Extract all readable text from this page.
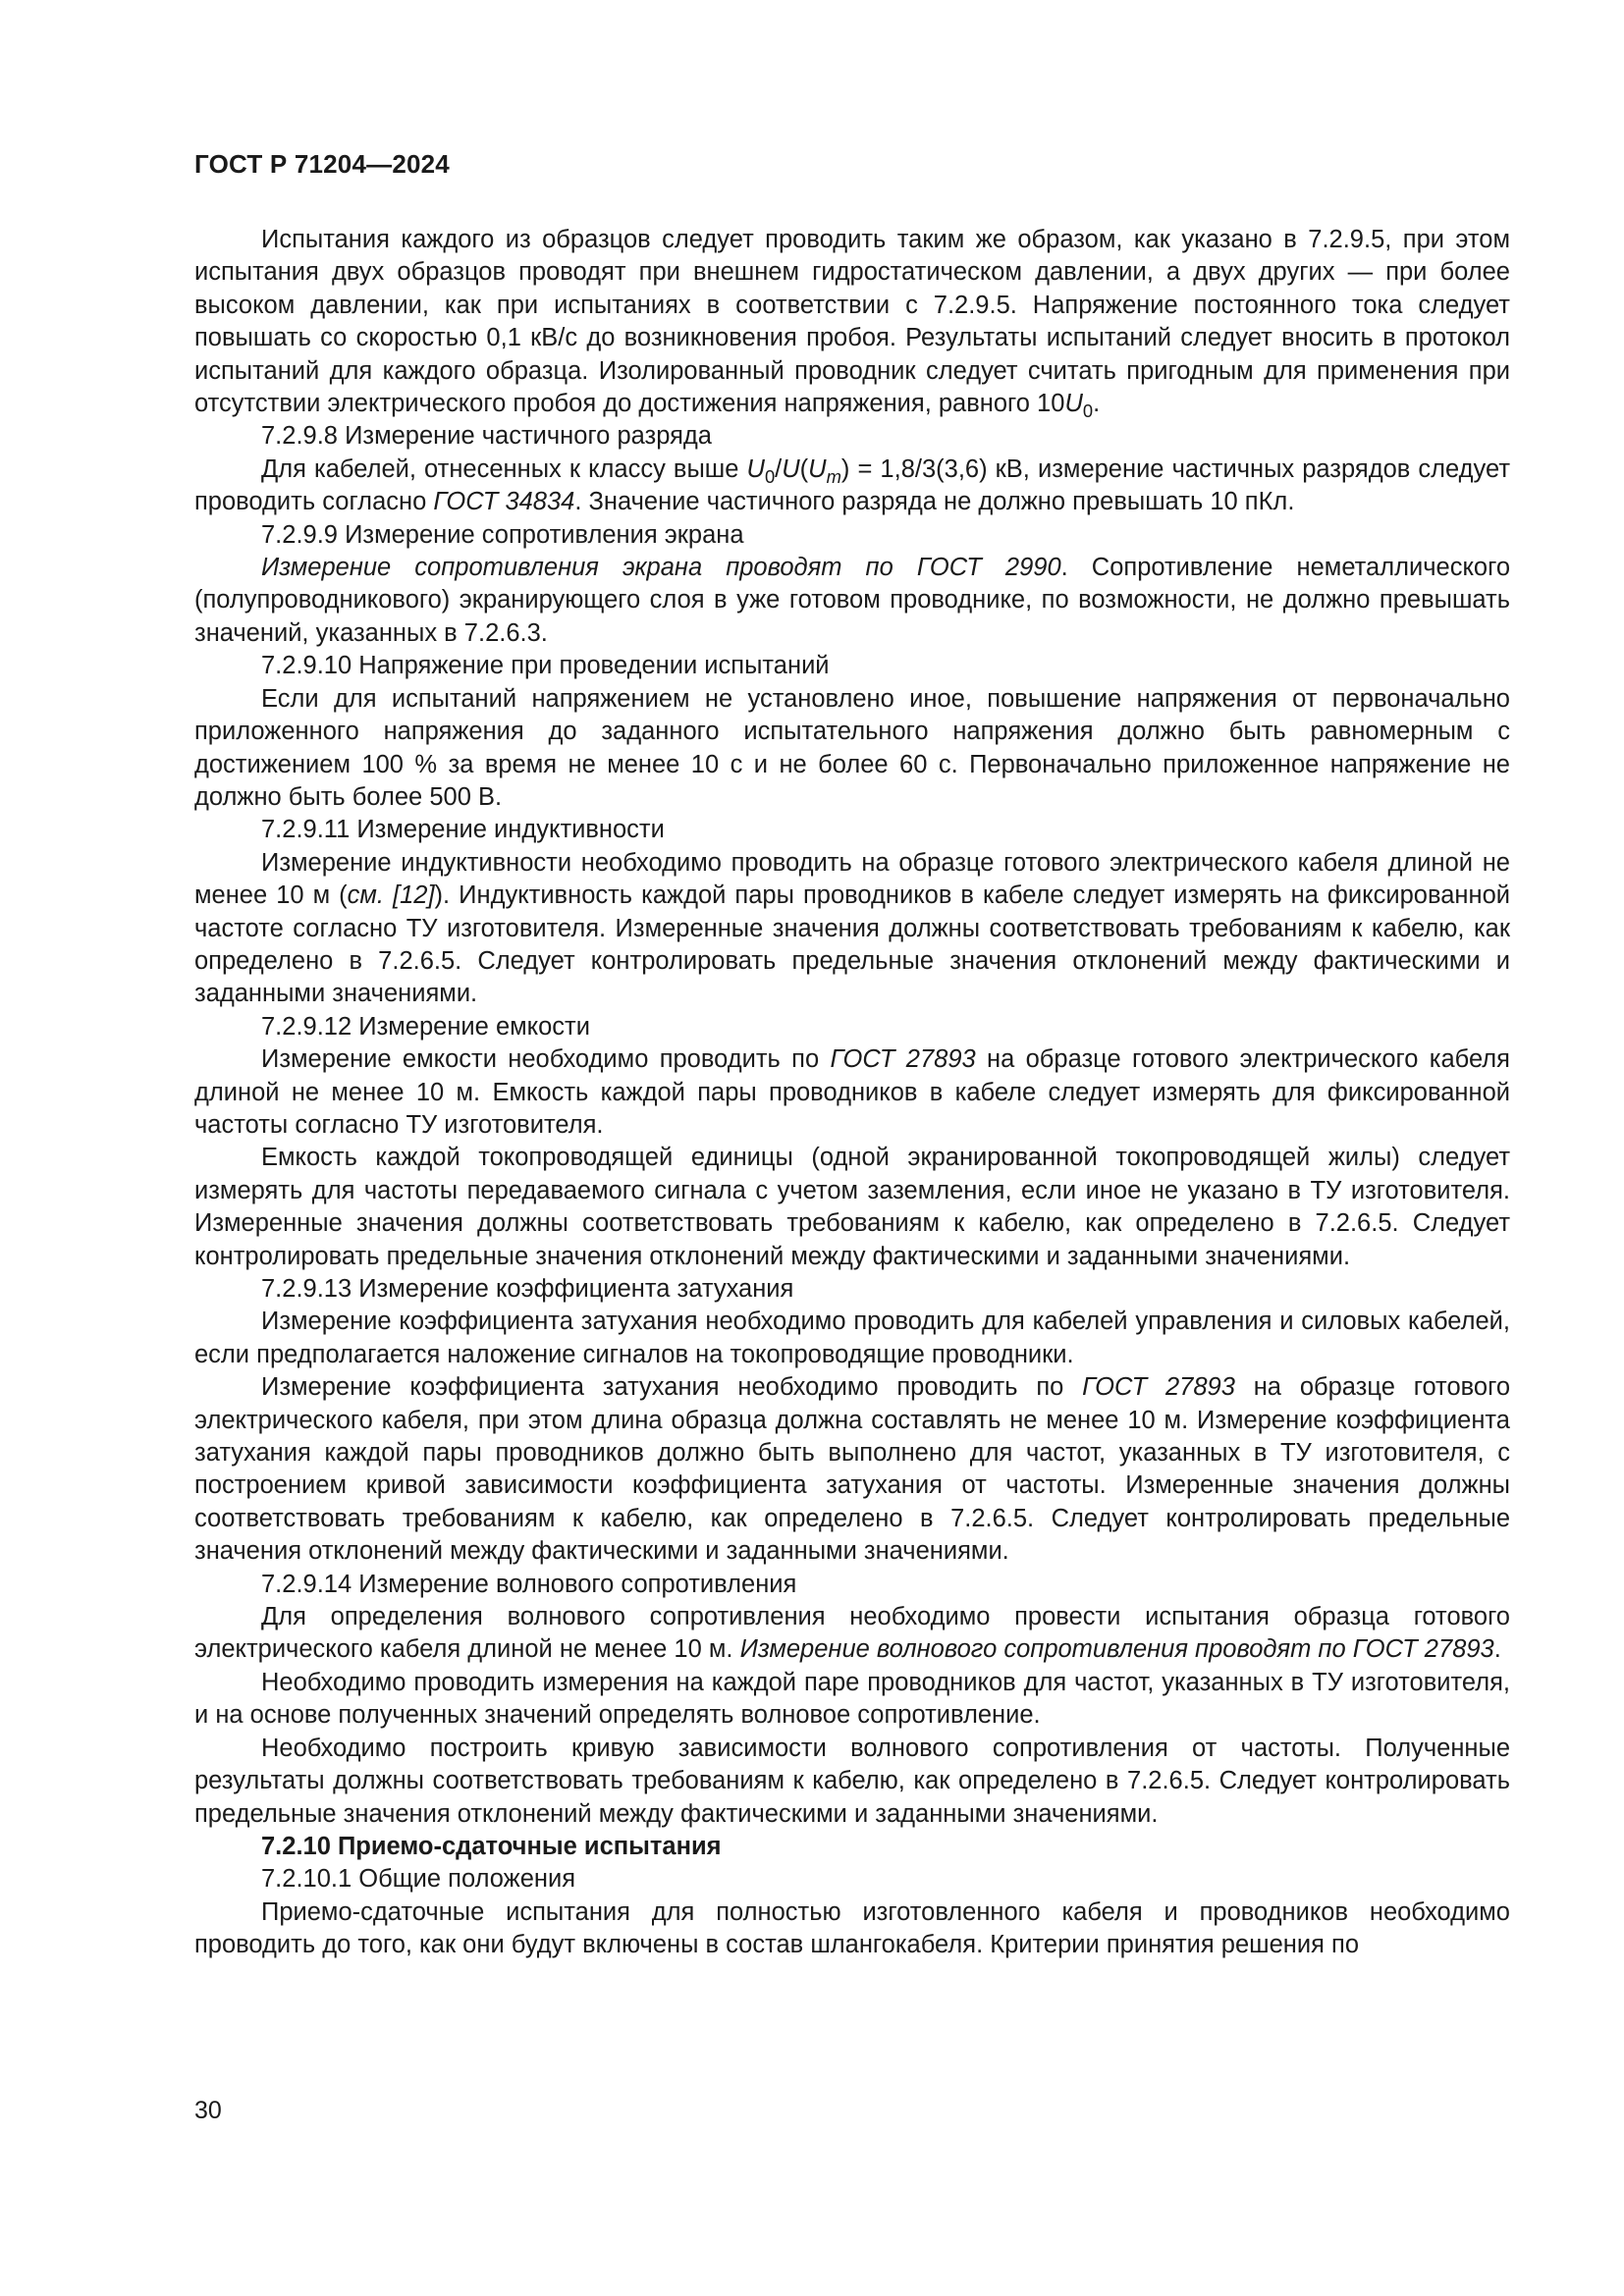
ГОСТ Р 71204—2024

Испытания каждого из образцов следует проводить таким же образом, как указано в 7.2.9.5, при этом испытания двух образцов проводят при внешнем гидростатическом давлении, а двух других — при более высоком давлении, как при испытаниях в соответствии с 7.2.9.5. Напряжение постоянного тока следует повышать со скоростью 0,1 кВ/с до возникновения пробоя. Результаты испытаний следует вносить в протокол испытаний для каждого образца. Изолированный проводник следует считать пригодным для применения при отсутствии электрического пробоя до достижения напряжения, равного $10U_0$.

7.2.9.8 Измерение частичного разряда

Для кабелей, отнесенных к классу выше $U_0/U(U_m) = 1,8/3(3,6)$ кВ, измерение частичных разрядов следует проводить согласно ГОСТ 34834. Значение частичного разряда не должно превышать 10 пКл.

7.2.9.9 Измерение сопротивления экрана

Измерение сопротивления экрана проводят по ГОСТ 2990. Сопротивление неметаллического (полупроводникового) экранирующего слоя в уже готовом проводнике, по возможности, не должно превышать значений, указанных в 7.2.6.3.

7.2.9.10 Напряжение при проведении испытаний

Если для испытаний напряжением не установлено иное, повышение напряжения от первоначально приложенного напряжения до заданного испытательного напряжения должно быть равномерным с достижением 100 % за время не менее 10 с и не более 60 с. Первоначально приложенное напряжение не должно быть более 500 В.

7.2.9.11 Измерение индуктивности

Измерение индуктивности необходимо проводить на образце готового электрического кабеля длиной не менее 10 м (см. [12]). Индуктивность каждой пары проводников в кабеле следует измерять на фиксированной частоте согласно ТУ изготовителя. Измеренные значения должны соответствовать требованиям к кабелю, как определено в 7.2.6.5. Следует контролировать предельные значения отклонений между фактическими и заданными значениями.

7.2.9.12 Измерение емкости

Измерение емкости необходимо проводить по ГОСТ 27893 на образце готового электрического кабеля длиной не менее 10 м. Емкость каждой пары проводников в кабеле следует измерять для фиксированной частоты согласно ТУ изготовителя.

Емкость каждой токопроводящей единицы (одной экранированной токопроводящей жилы) следует измерять для частоты передаваемого сигнала с учетом заземления, если иное не указано в ТУ изготовителя. Измеренные значения должны соответствовать требованиям к кабелю, как определено в 7.2.6.5. Следует контролировать предельные значения отклонений между фактическими и заданными значениями.

7.2.9.13 Измерение коэффициента затухания

Измерение коэффициента затухания необходимо проводить для кабелей управления и силовых кабелей, если предполагается наложение сигналов на токопроводящие проводники.

Измерение коэффициента затухания необходимо проводить по ГОСТ 27893 на образце готового электрического кабеля, при этом длина образца должна составлять не менее 10 м. Измерение коэффициента затухания каждой пары проводников должно быть выполнено для частот, указанных в ТУ изготовителя, с построением кривой зависимости коэффициента затухания от частоты. Измеренные значения должны соответствовать требованиям к кабелю, как определено в 7.2.6.5. Следует контролировать предельные значения отклонений между фактическими и заданными значениями.

7.2.9.14 Измерение волнового сопротивления

Для определения волнового сопротивления необходимо провести испытания образца готового электрического кабеля длиной не менее 10 м. Измерение волнового сопротивления проводят по ГОСТ 27893.

Необходимо проводить измерения на каждой паре проводников для частот, указанных в ТУ изготовителя, и на основе полученных значений определять волновое сопротивление.

Необходимо построить кривую зависимости волнового сопротивления от частоты. Полученные результаты должны соответствовать требованиям к кабелю, как определено в 7.2.6.5. Следует контролировать предельные значения отклонений между фактическими и заданными значениями.

7.2.10 Приемо-сдаточные испытания

7.2.10.1 Общие положения

Приемо-сдаточные испытания для полностью изготовленного кабеля и проводников необходимо проводить до того, как они будут включены в состав шлангокабеля. Критерии принятия решения по

30
